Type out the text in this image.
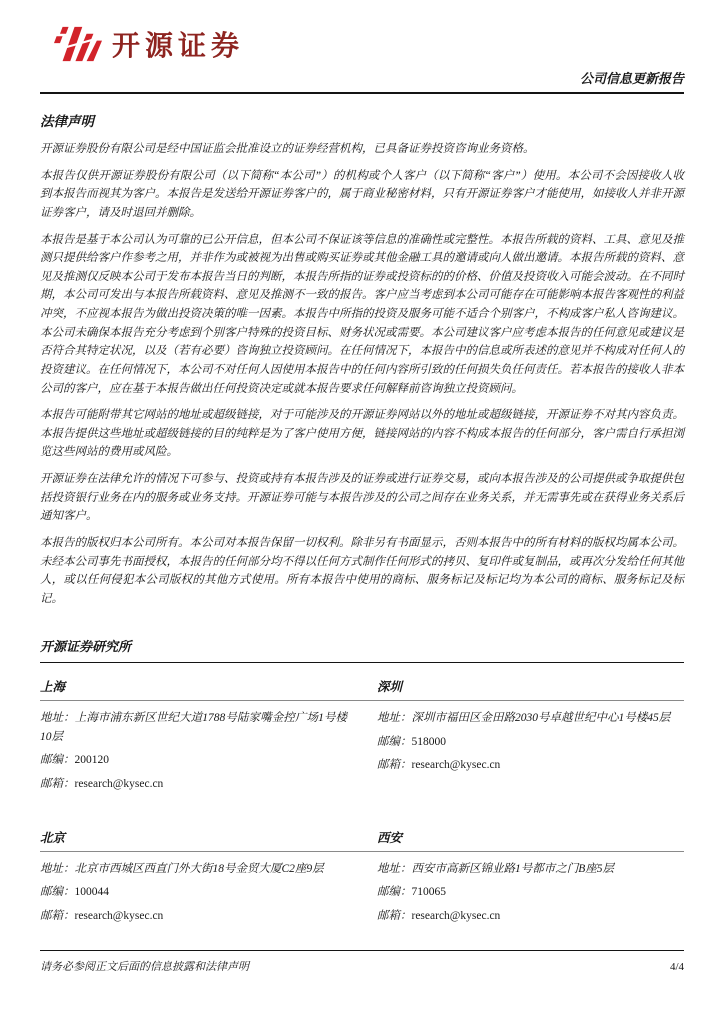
开源证券
公司信息更新报告
法律声明

开源证券股份有限公司是经中国证监会批准设立的证券经营机构，已具备证券投资咨询业务资格。

本报告仅供开源证券股份有限公司（以下简称“本公司”）的机构或个人客户（以下简称“客户”）使用。本公司不会因接收人收到本报告而视其为客户。本报告是发送给开源证券客户的，属于商业秘密材料，只有开源证券客户才能使用，如接收人并非开源证券客户，请及时退回并删除。

本报告是基于本公司认为可靠的已公开信息，但本公司不保证该等信息的准确性或完整性。本报告所载的资料、工具、意见及推测只提供给客户作参考之用，并非作为或被视为出售或购买证券或其他金融工具的邀请或向人做出邀请。本报告所载的资料、意见及推测仅反映本公司于发布本报告当日的判断，本报告所指的证券或投资标的的价格、价值及投资收入可能会波动。在不同时期，本公司可发出与本报告所载资料、意见及推测不一致的报告。客户应当考虑到本公司可能存在可能影响本报告客观性的利益冲突，不应视本报告为做出投资决策的唯一因素。本报告中所指的投资及服务可能不适合个别客户，不构成客户私人咨询建议。本公司未确保本报告充分考虑到个别客户特殊的投资目标、财务状况或需要。本公司建议客户应考虑本报告的任何意见或建议是否符合其特定状况，以及（若有必要）咨询独立投资顾问。在任何情况下，本报告中的信息或所表述的意见并不构成对任何人的投资建议。在任何情况下，本公司不对任何人因使用本报告中的任何内容所引致的任何损失负任何责任。若本报告的接收人非本公司的客户，应在基于本报告做出任何投资决定或就本报告要求任何解释前咨询独立投资顾问。

本报告可能附带其它网站的地址或超级链接，对于可能涉及的开源证券网站以外的地址或超级链接，开源证券不对其内容负责。本报告提供这些地址或超级链接的目的纯粹是为了客户使用方便，链接网站的内容不构成本报告的任何部分，客户需自行承担浏览这些网站的费用或风险。

开源证券在法律允许的情况下可参与、投资或持有本报告涉及的证券或进行证券交易，或向本报告涉及的公司提供或争取提供包括投资银行业务在内的服务或业务支持。开源证券可能与本报告涉及的公司之间存在业务关系，并无需事先或在获得业务关系后通知客户。

本报告的版权归本公司所有。本公司对本报告保留一切权利。除非另有书面显示，否则本报告中的所有材料的版权均属本公司。未经本公司事先书面授权，本报告的任何部分均不得以任何方式制作任何形式的拷贝、复印件或复制品，或再次分发给任何其他人，或以任何侵犯本公司版权的其他方式使用。所有本报告中使用的商标、服务标记及标记均为本公司的商标、服务标记及标记。

开源证券研究所
上海	深圳
地址：上海市浦东新区世纪大道1788号陆家嘴金控广场1号楼10层
邮编：200120
邮箱：research@kysec.cn
地址：深圳市福田区金田路2030号卓越世纪中心1号楼45层
邮编：518000
邮箱：research@kysec.cn
北京	西安
地址：北京市西城区西直门外大街18号金贸大厦C2座9层
邮编：100044
邮箱：research@kysec.cn
地址：西安市高新区锦业路1号都市之门B座5层
邮编：710065
邮箱：research@kysec.cn
请务必参阅正文后面的信息披露和法律声明	4/4
